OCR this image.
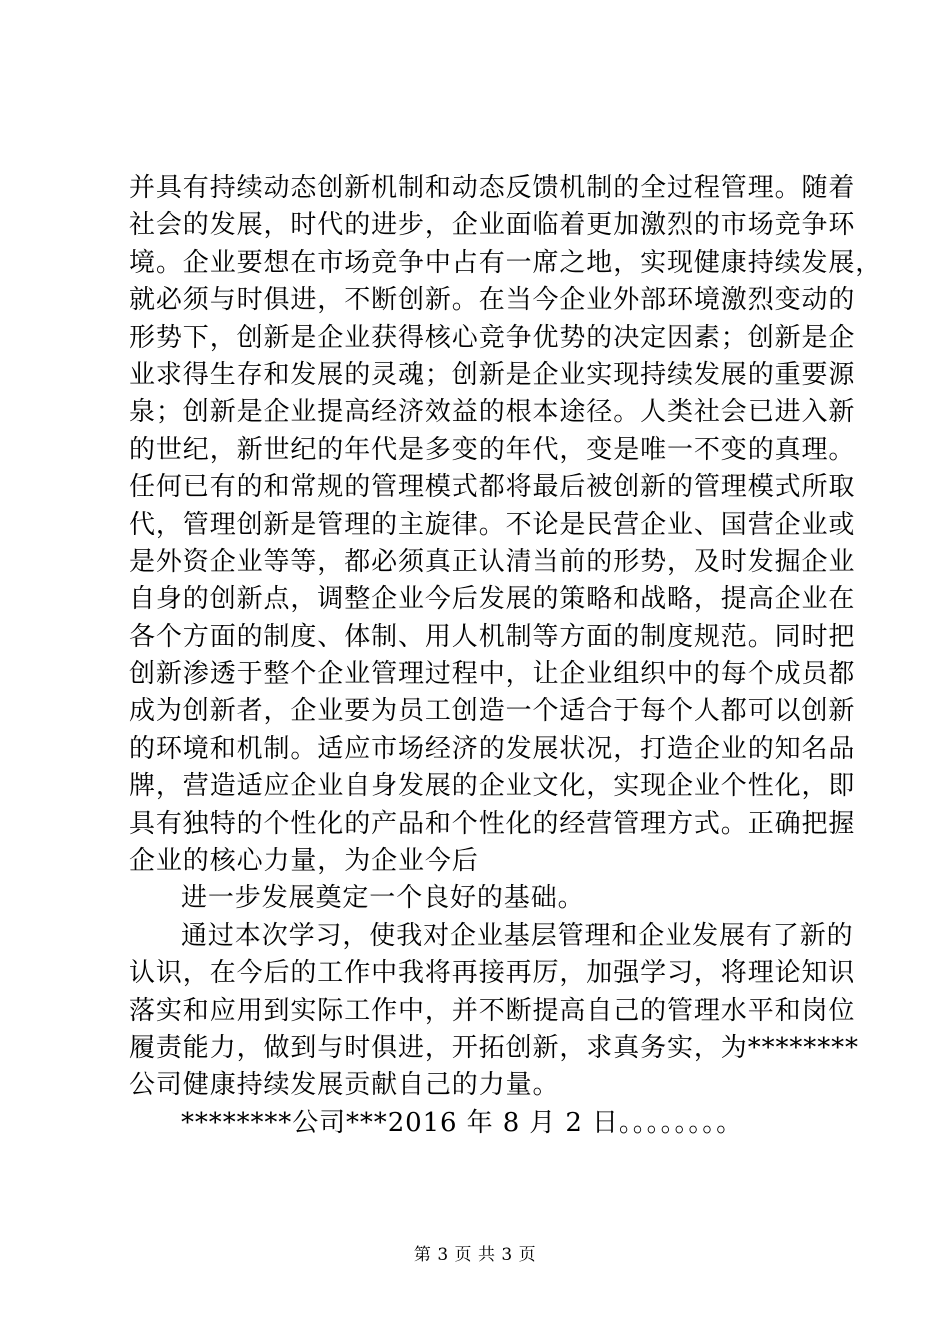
并具有持续动态创新机制和动态反馈机制的全过程管理。随着
社会的发展，时代的进步，企业面临着更加激烈的市场竞争环
境。企业要想在市场竞争中占有一席之地，实现健康持续发展，
就必须与时俱进，不断创新。在当今企业外部环境激烈变动的
形势下，创新是企业获得核心竞争优势的决定因素；创新是企
业求得生存和发展的灵魂；创新是企业实现持续发展的重要源
泉；创新是企业提高经济效益的根本途径。人类社会已进入新
的世纪，新世纪的年代是多变的年代，变是唯一不变的真理。
任何已有的和常规的管理模式都将最后被创新的管理模式所取
代，管理创新是管理的主旋律。不论是民营企业、国营企业或
是外资企业等等，都必须真正认清当前的形势，及时发掘企业
自身的创新点，调整企业今后发展的策略和战略，提高企业在
各个方面的制度、体制、用人机制等方面的制度规范。同时把
创新渗透于整个企业管理过程中，让企业组织中的每个成员都
成为创新者，企业要为员工创造一个适合于每个人都可以创新
的环境和机制。适应市场经济的发展状况，打造企业的知名品
牌，营造适应企业自身发展的企业文化，实现企业个性化，即
具有独特的个性化的产品和个性化的经营管理方式。正确把握
企业的核心力量，为企业今后
进一步发展奠定一个良好的基础。
通过本次学习，使我对企业基层管理和企业发展有了新的
认识，在今后的工作中我将再接再厉，加强学习，将理论知识
落实和应用到实际工作中，并不断提高自己的管理水平和岗位
履责能力，做到与时俱进，开拓创新，求真务实，为********
公司健康持续发展贡献自己的力量。
********公司***2016 年 8 月 2 日。。。。。。。。
第 3 页 共 3 页
